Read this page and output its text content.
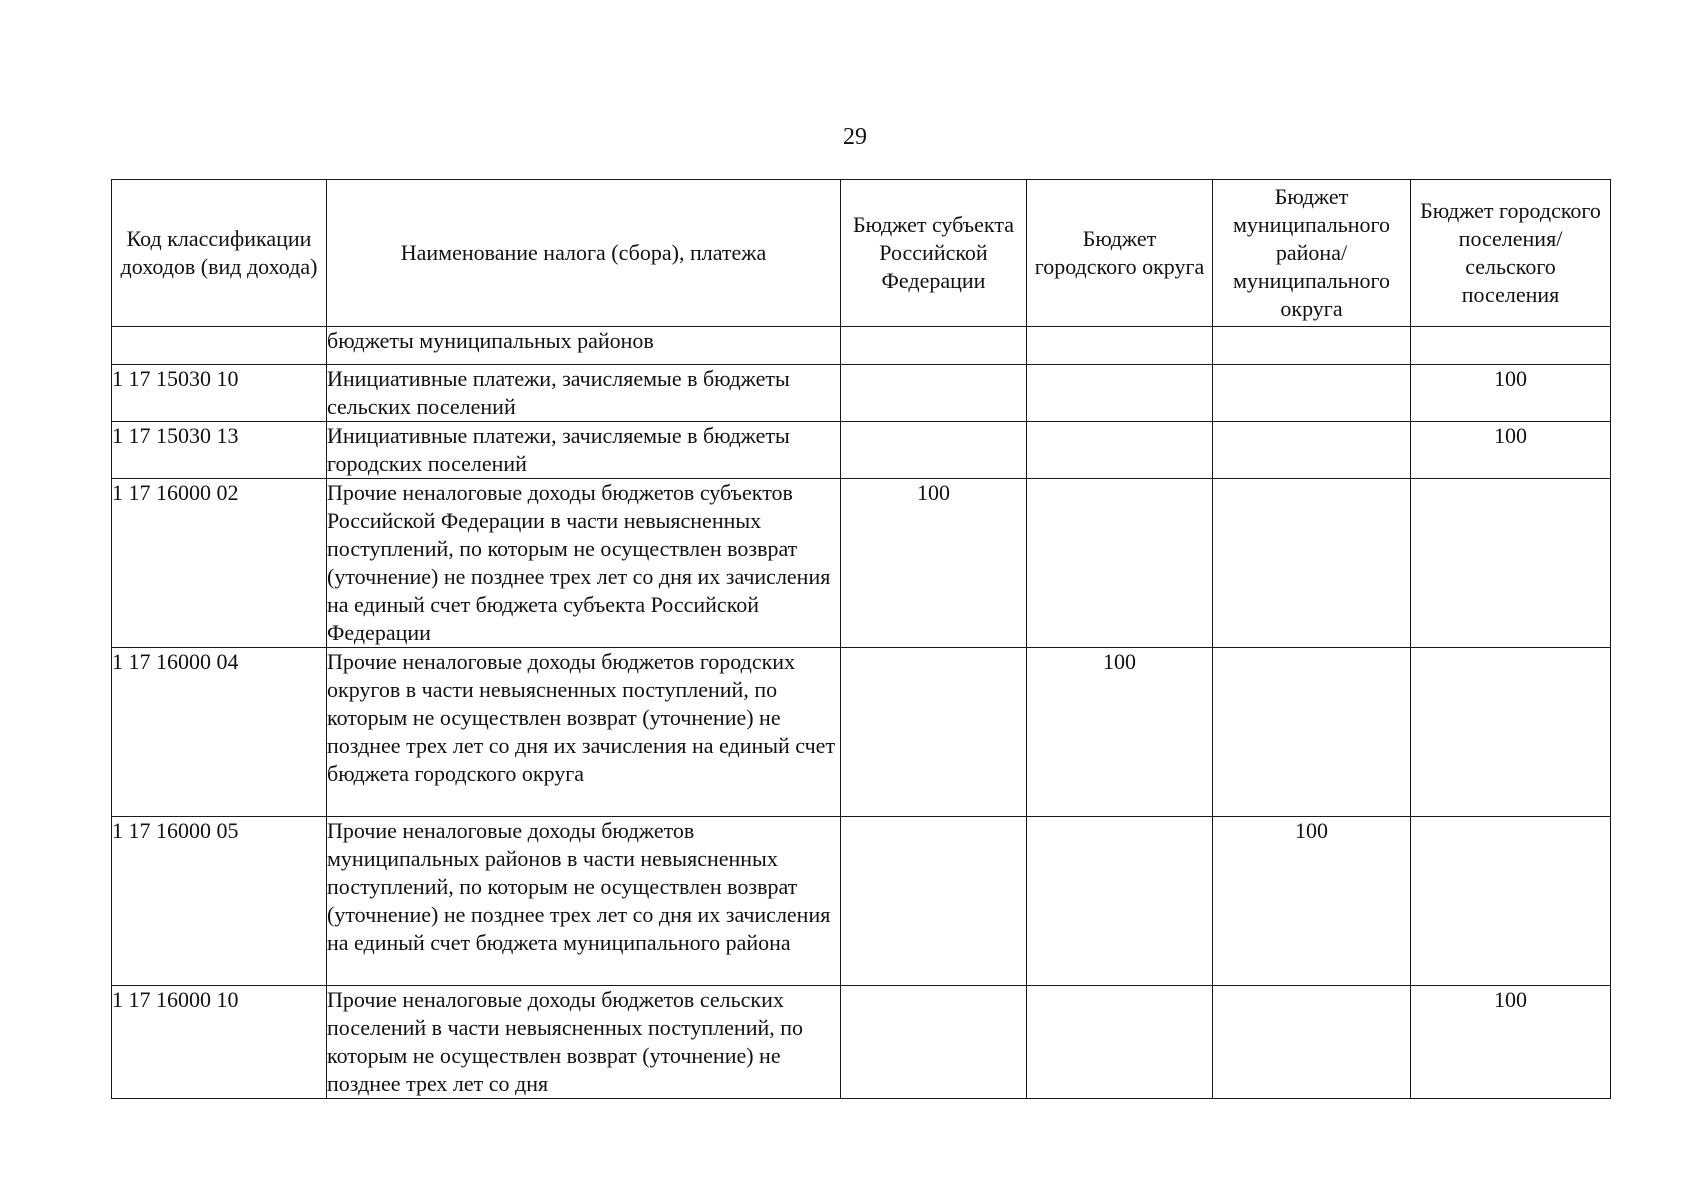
29
Код классификации доходов (вид дохода)	Наименование налога (сбора), платежа	Бюджет субъекта Российской Федерации	Бюджет городского округа	Бюджет муниципального района/ муниципального округа	Бюджет городского поселения/ сельского поселения

	бюджеты муниципальных районов				

1 17 15030 10	Инициативные платежи, зачисляемые в бюджеты сельских поселений				100
1 17 15030 13	Инициативные платежи, зачисляемые в бюджеты городских поселений				100
1 17 16000 02	Прочие неналоговые доходы бюджетов субъектов Российской Федерации в части невыясненных поступлений, по которым не осуществлен возврат (уточнение) не позднее трех лет со дня их зачисления на единый счет бюджета субъекта Российской Федерации	100			
1 17 16000 04	Прочие неналоговые доходы бюджетов городских округов в части невыясненных поступлений, по которым не осуществлен возврат (уточнение) не позднее трех лет со дня их зачисления на единый счет бюджета городского округа		100		
1 17 16000 05	Прочие неналоговые доходы бюджетов муниципальных районов в части невыясненных поступлений, по которым не осуществлен возврат (уточнение) не позднее трех лет со дня их зачисления на единый счет бюджета муниципального района			100	
1 17 16000 10	Прочие неналоговые доходы бюджетов сельских поселений в части невыясненных поступлений, по которым не осуществлен возврат (уточнение) не позднее трех лет со дня				100
